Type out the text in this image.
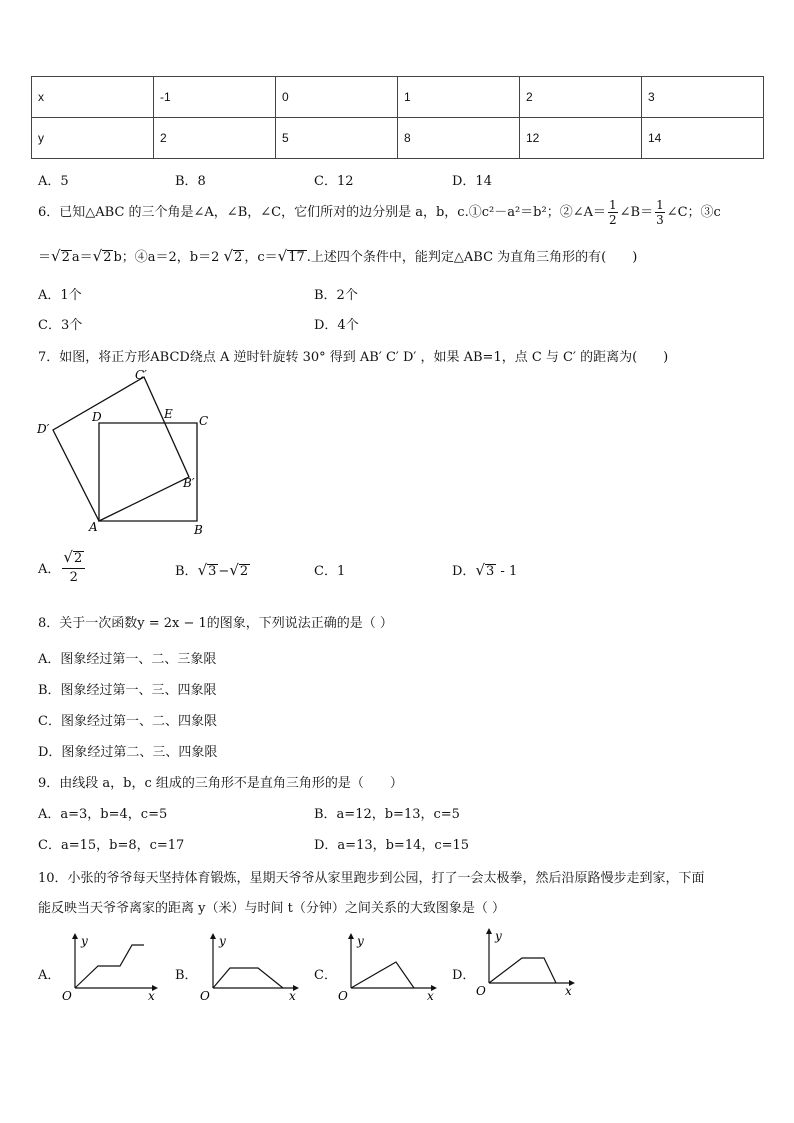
x	-1	0	1	2	3
y	2	5	8	12	14
A．5	B．8	C．12	D．14
6．已知△ABC 的三个角是∠A，∠B，∠C，它们所对的边分别是 a，b，c.①c²－a²＝b²；②∠A＝ $\frac{1}{2}$ ∠B＝ $\frac{1}{3}$ ∠C；③c
＝√2 a＝√2 b；④a＝2，b＝2 √2 ，c＝√17 .上述四个条件中，能判定△ABC 为直角三角形的有(　　)
A．1个	B．2个
C．3个	D．4个
7．如图，将正方形ABCD绕点 A 逆时针旋转 30° 得到 AB′ C′ D′ ，如果 AB=1，点 C 与 C′ 的距离为(　　)
C′
D	E C
D′
B′
A	B
A． $\frac{√2}{2}$	B．√3 −√2	C．1	D．√3 - 1
8．关于一次函数y = 2x − 1的图象，下列说法正确的是（ ）
A．图象经过第一、二、三象限
B．图象经过第一、三、四象限
C．图象经过第一、二、四象限
D．图象经过第二、三、四象限
9．由线段 a，b，c 组成的三角形不是直角三角形的是（　　）
A．a=3，b=4，c=5	B．a=12，b=13，c=5
C．a=15，b=8，c=17	D．a=13，b=14，c=15
10．小张的爷爷每天坚持体育锻炼，星期天爷爷从家里跑步到公园，打了一会太极拳，然后沿原路慢步走到家，下面
能反映当天爷爷离家的距离 y（米）与时间 t（分钟）之间关系的大致图象是（ ）
A．
y
x
O
B．
y
x
O
C．
y
x
O
D．
y
x
O
